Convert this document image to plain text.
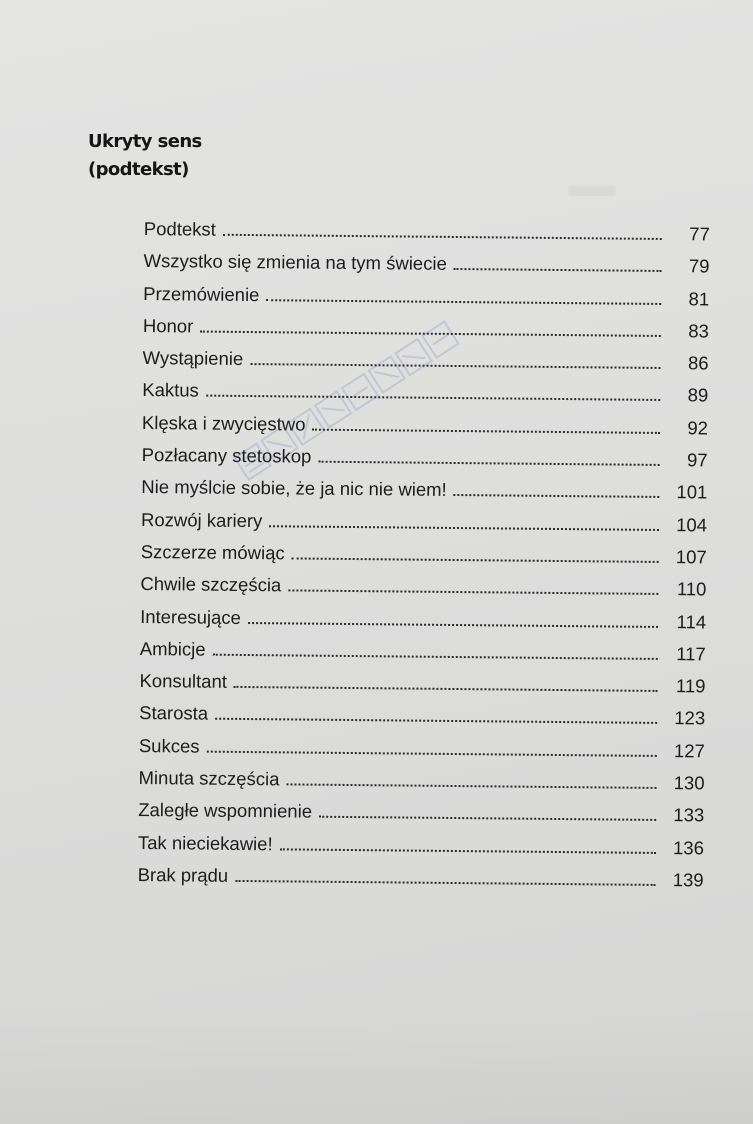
Ukryty sens
(podtekst)
Podtekst	77
Wszystko się zmienia na tym świecie	79
Przemówienie	81
Honor	83
Wystąpienie	86
Kaktus	89
Klęska i zwycięstwo	92
Pozłacany stetoskop	97
Nie myślcie sobie, że ja nic nie wiem!	101
Rozwój kariery	104
Szczerze mówiąc	107
Chwile szczęścia	110
Interesujące	114
Ambicje	117
Konsultant	119
Starosta	123
Sukces	127
Minuta szczęścia	130
Zaległe wspomnienie	133
Tak nieciekawie!	136
Brak prądu	139
